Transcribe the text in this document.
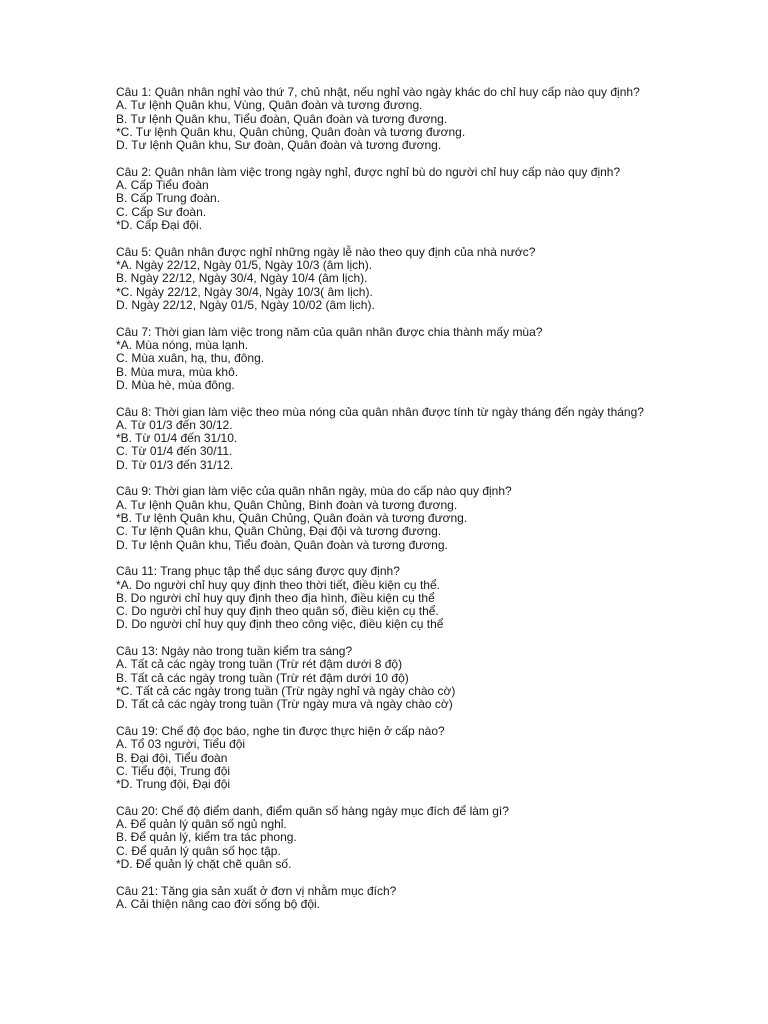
Câu 1: Quân nhân nghỉ vào thứ 7, chủ nhật, nếu nghỉ vào ngày khác do chỉ huy cấp nào quy định?
A. Tư lệnh Quân khu, Vùng, Quân đoàn và tương đương.
B. Tư lệnh Quân khu, Tiểu đoàn, Quân đoàn và tương đương.
*C. Tư lệnh Quân khu, Quân chủng, Quân đoàn và tương đương.
D. Tư lệnh Quân khu, Sư đoàn, Quân đoàn và tương đương.
Câu 2: Quân nhân làm việc trong ngày nghỉ, được nghỉ bù do người chỉ huy cấp nào quy định?
A. Cấp Tiểu đoàn
B. Cấp Trung đoàn.
C. Cấp Sư đoàn.
*D. Cấp Đại đội.
Câu 5: Quân nhân được nghỉ những ngày lễ nào theo quy định của nhà nước?
*A. Ngày 22/12, Ngày 01/5, Ngày 10/3 (âm lịch).
B. Ngày 22/12, Ngày 30/4, Ngày 10/4 (âm lịch).
*C. Ngày 22/12, Ngày 30/4, Ngày 10/3( âm lịch).
D. Ngày 22/12, Ngày 01/5, Ngày 10/02 (âm lịch).
Câu 7: Thời gian làm việc trong năm của quân nhân được chia thành mấy mùa?
*A. Mùa nóng, mùa lạnh.
C. Mùa xuân, hạ, thu, đông.
B. Mùa mưa, mùa khô.
D. Mùa hè, mùa đông.
Câu 8: Thời gian làm việc theo mùa nóng của quân nhân được tính từ ngày tháng đến ngày tháng?
A. Từ 01/3 đến 30/12.
*B. Từ 01/4 đến 31/10.
C. Từ 01/4 đến 30/11.
D. Từ 01/3 đến 31/12.
Câu 9: Thời gian làm việc của quân nhân ngày, mùa do cấp nào quy định?
A. Tư lệnh Quân khu, Quân Chủng, Binh đoàn và tương đương.
*B. Tư lệnh Quân khu, Quân Chủng, Quân đoàn và tương đương.
C. Tư lệnh Quân khu, Quân Chủng, Đại đội và tương đương.
D. Tư lệnh Quân khu, Tiểu đoàn, Quân đoàn và tương đương.
Câu 11: Trang phục tập thể dục sáng được quy định?
*A. Do người chỉ huy quy định theo thời tiết, điều kiện cụ thể.
B. Do người chỉ huy quy định theo địa hình, điều kiện cụ thể
C. Do người chỉ huy quy định theo quân số, điều kiện cụ thể.
D. Do người chỉ huy quy định theo công việc, điều kiện cụ thể
Câu 13: Ngày nào trong tuần kiểm tra sáng?
A. Tất cả các ngày trong tuần (Trừ rét đậm dưới 8 độ)
B. Tất cả các ngày trong tuần (Trừ rét đậm dưới 10 độ)
*C. Tất cả các ngày trong tuần (Trừ ngày nghỉ và ngày chào cờ)
D. Tất cả các ngày trong tuần (Trừ ngày mưa và ngày chào cờ)
Câu 19: Chế độ đọc báo, nghe tin được thực hiện ở cấp nào?
A. Tổ 03 người, Tiểu đội
B. Đại đội, Tiểu đoàn
C. Tiểu đội, Trung đội
*D. Trung đội, Đại đội
Câu 20: Chế độ điểm danh, điểm quân số hàng ngày mục đích để làm gì?
A. Để quản lý quân số ngủ nghỉ.
B. Để quản lý, kiểm tra tác phong.
C. Để quản lý quân số học tập.
*D. Để quản lý chặt chẽ quân số.
Câu 21: Tăng gia sản xuất ở đơn vị nhằm mục đích?
A. Cải thiện nâng cao đời sống bộ đội.
